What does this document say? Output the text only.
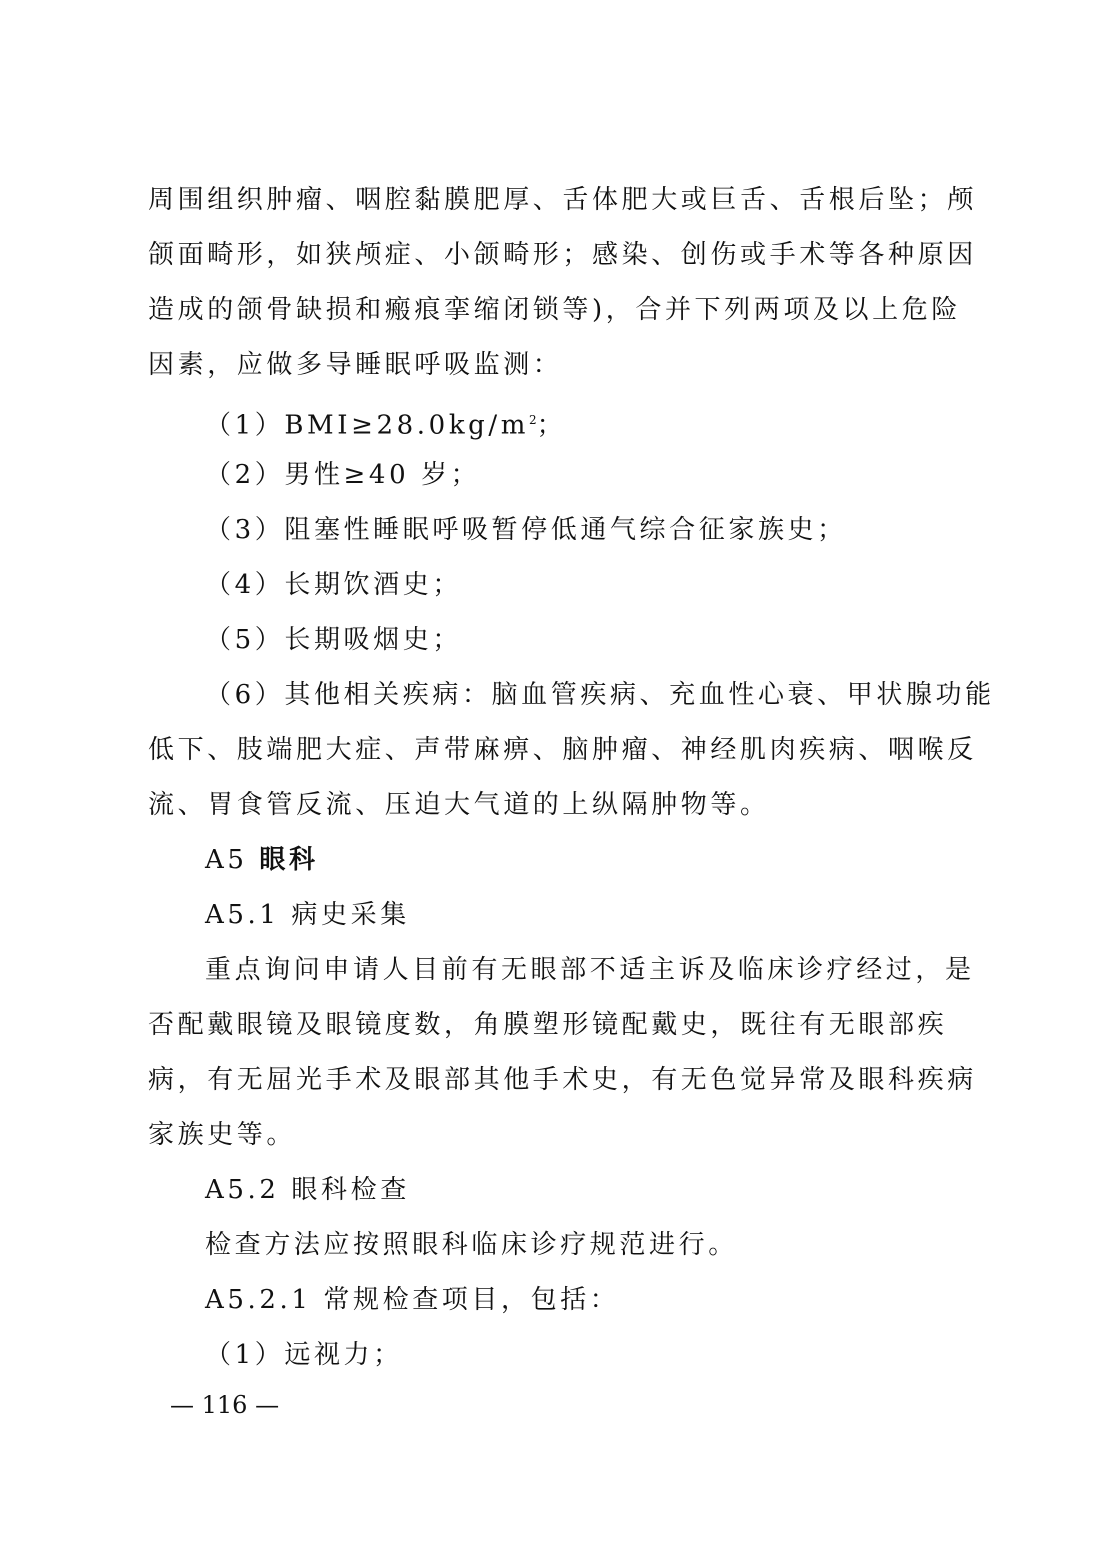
周围组织肿瘤、咽腔黏膜肥厚、舌体肥大或巨舌、舌根后坠；颅
颌面畸形，如狭颅症、小颌畸形；感染、创伤或手术等各种原因
造成的颌骨缺损和瘢痕挛缩闭锁等)，合并下列两项及以上危险
因素，应做多导睡眠呼吸监测：
$(1)BMI\ge 28.0kg/m^2$；
（2）男性≥40 岁；
（3）阻塞性睡眠呼吸暂停低通气综合征家族史；
（4）长期饮酒史；
（5）长期吸烟史；
（6）其他相关疾病：脑血管疾病、充血性心衰、甲状腺功能
低下、肢端肥大症、声带麻痹、脑肿瘤、神经肌肉疾病、咽喉反
流、胃食管反流、压迫大气道的上纵隔肿物等。
A5 眼科
A5.1 病史采集
重点询问申请人目前有无眼部不适主诉及临床诊疗经过，是
否配戴眼镜及眼镜度数，角膜塑形镜配戴史，既往有无眼部疾
病，有无屈光手术及眼部其他手术史，有无色觉异常及眼科疾病
家族史等。
A5.2 眼科检查
检查方法应按照眼科临床诊疗规范进行。
A5.2.1 常规检查项目，包括：
（1）远视力；
— 116 —
